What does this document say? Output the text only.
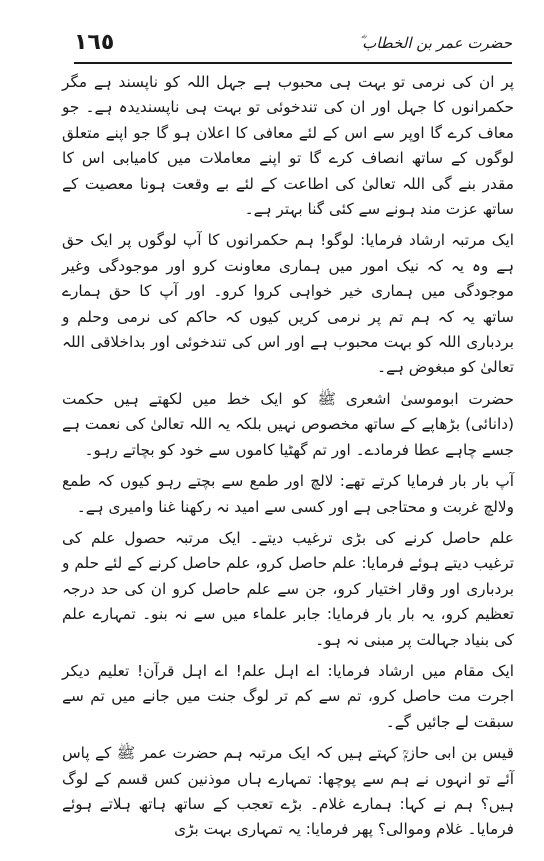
حضرت عمر بن الخطاب ؓ
١٦٥

پر ان کی نرمی تو بہت ہی محبوب ہے جہل اللہ کو ناپسند ہے مگر حکمرانوں کا جہل اور ان کی تندخوئی تو بہت ہی ناپسندیدہ ہے۔ جو معاف کرے گا اوپر سے اس کے لئے معافی کا اعلان ہو گا جو اپنے متعلق لوگوں کے ساتھ انصاف کرے گا تو اپنے معاملات میں کامیابی اس کا مقدر بنے گی اللہ تعالیٰ کی اطاعت کے لئے بے وقعت ہونا معصیت کے ساتھ عزت مند ہونے سے کئی گنا بہتر ہے۔

ایک مرتبہ ارشاد فرمایا: لوگو! ہم حکمرانوں کا آپ لوگوں پر ایک حق ہے وہ یہ کہ نیک امور میں ہماری معاونت کرو اور موجودگی وغیر موجودگی میں ہماری خیر خواہی کروا کرو۔ اور آپ کا حق ہمارے ساتھ یہ کہ ہم تم پر نرمی کریں کیوں کہ حاکم کی نرمی وحلم و بردباری اللہ کو بہت محبوب ہے اور اس کی تندخوئی اور بداخلاقی اللہ تعالیٰ کو مبغوض ہے۔

حضرت ابوموسیٰ اشعری ﷺ کو ایک خط میں لکھتے ہیں حکمت (دانائی) بڑھاپے کے ساتھ مخصوص نہیں بلکہ یہ اللہ تعالیٰ کی نعمت ہے جسے چاہے عطا فرمادے۔ اور تم گھٹیا کاموں سے خود کو بچاتے رہو۔

آپ بار بار فرمایا کرتے تھے: لالچ اور طمع سے بچتے رہو کیوں کہ طمع ولالچ غربت و محتاجی ہے اور کسی سے امید نہ رکھنا غنا وامیری ہے۔

علم حاصل کرنے کی بڑی ترغیب دیتے۔ ایک مرتبہ حصول علم کی ترغیب دیتے ہوئے فرمایا: علم حاصل کرو، علم حاصل کرنے کے لئے حلم و بردباری اور وقار اختیار کرو، جن سے علم حاصل کرو ان کی حد درجہ تعظیم کرو، یہ بار بار فرمایا: جابر علماء میں سے نہ بنو۔ تمہارے علم کی بنیاد جہالت پر مبنی نہ ہو۔

ایک مقام میں ارشاد فرمایا: اے اہل علم! اے اہل قرآن! تعلیم دیکر اجرت مت حاصل کرو، تم سے کم تر لوگ جنت میں جانے میں تم سے سبقت لے جائیں گے۔

قیس بن ابی حازمؒ کہتے ہیں کہ ایک مرتبہ ہم حضرت عمر ﷺ کے پاس آئے تو انہوں نے ہم سے پوچھا: تمہارے ہاں موذنین کس قسم کے لوگ ہیں؟ ہم نے کہا: ہمارے غلام۔ بڑے تعجب کے ساتھ ہاتھ ہلاتے ہوئے فرمایا۔ غلام وموالی؟ پھر فرمایا: یہ تمہاری بہت بڑی
